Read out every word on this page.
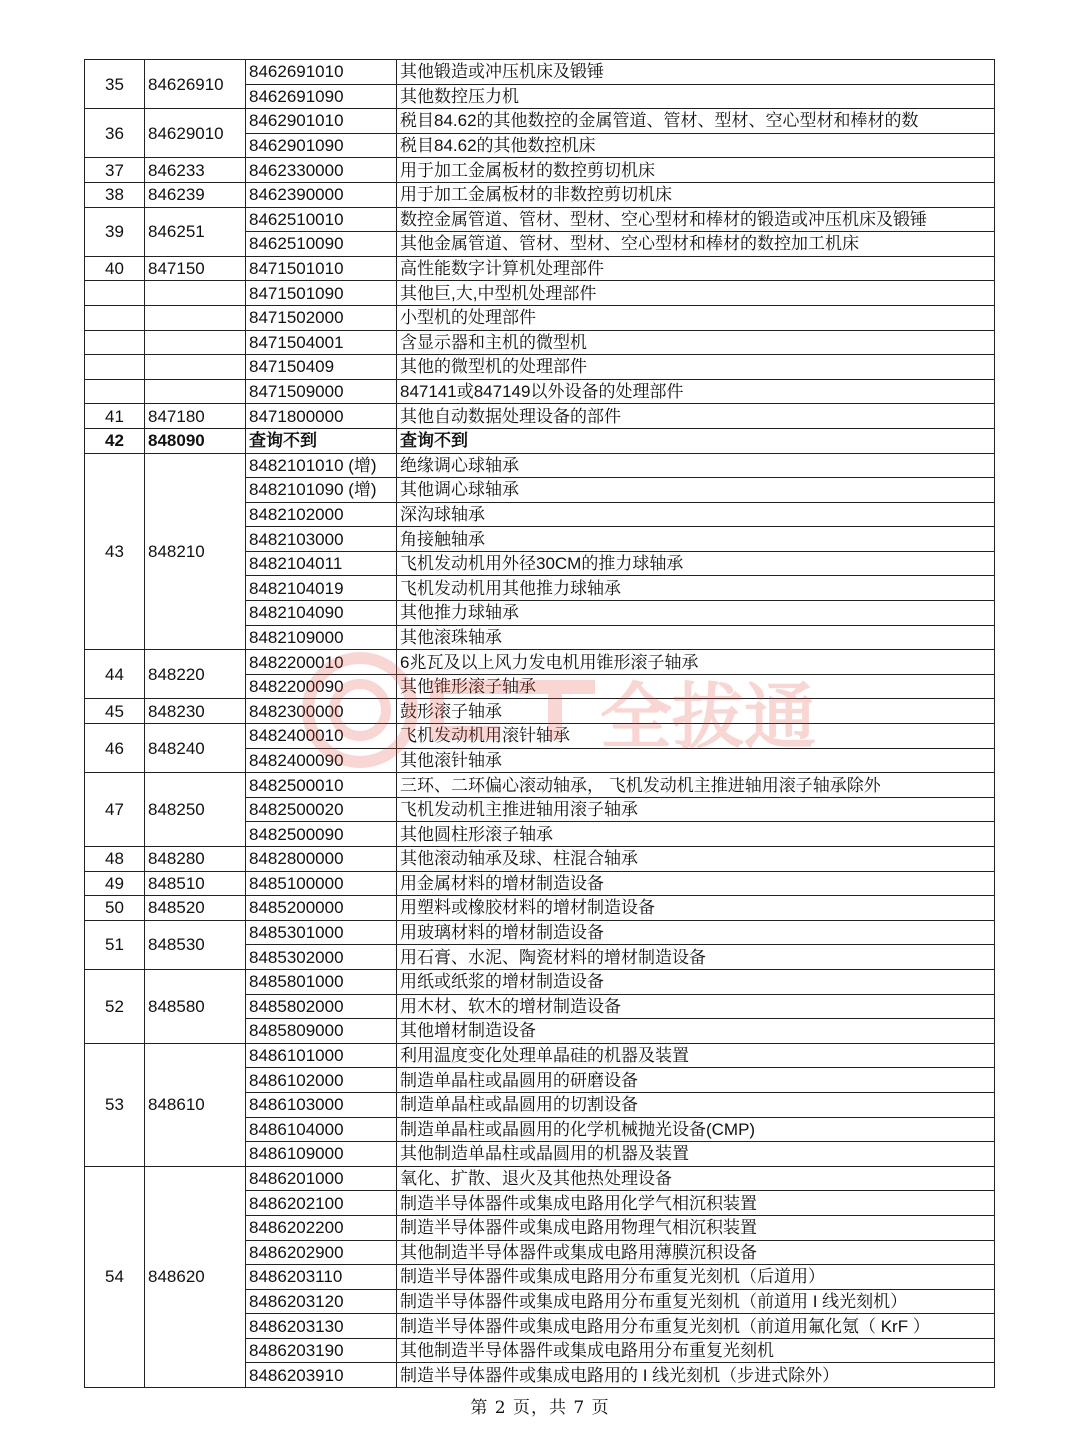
35	84626910	8462691010	其他锻造或冲压机床及锻锤
		8462691090	其他数控压力机
36	84629010	8462901010	税目84.62的其他数控的金属管道、管材、型材、空心型材和棒材的数
		8462901090	税目84.62的其他数控机床
37	846233	8462330000	用于加工金属板材的数控剪切机床
38	846239	8462390000	用于加工金属板材的非数控剪切机床
39	846251	8462510010	数控金属管道、管材、型材、空心型材和棒材的锻造或冲压机床及锻锤
		8462510090	其他金属管道、管材、型材、空心型材和棒材的数控加工机床
40	847150	8471501010	高性能数字计算机处理部件
		8471501090	其他巨,大,中型机处理部件
		8471502000	小型机的处理部件
		8471504001	含显示器和主机的微型机
		847150409	其他的微型机的处理部件
		8471509000	847141或847149以外设备的处理部件
41	847180	8471800000	其他自动数据处理设备的部件
42	848090	查询不到	查询不到
43	848210	8482101010 (增)	绝缘调心球轴承
		8482101090 (增)	其他调心球轴承
		8482102000	深沟球轴承
		8482103000	角接触轴承
		8482104011	飞机发动机用外径30CM的推力球轴承
		8482104019	飞机发动机用其他推力球轴承
		8482104090	其他推力球轴承
		8482109000	其他滚珠轴承
44	848220	8482200010	6兆瓦及以上风力发电机用锥形滚子轴承
		8482200090	其他锥形滚子轴承
45	848230	8482300000	鼓形滚子轴承
46	848240	8482400010	飞机发动机用滚针轴承
		8482400090	其他滚针轴承
47	848250	8482500010	三环、二环偏心滚动轴承， 飞机发动机主推进轴用滚子轴承除外
		8482500020	飞机发动机主推进轴用滚子轴承
		8482500090	其他圆柱形滚子轴承
48	848280	8482800000	其他滚动轴承及球、柱混合轴承
49	848510	8485100000	用金属材料的增材制造设备
50	848520	8485200000	用塑料或橡胶材料的增材制造设备
51	848530	8485301000	用玻璃材料的增材制造设备
		8485302000	用石膏、水泥、陶瓷材料的增材制造设备
52	848580	8485801000	用纸或纸浆的增材制造设备
		8485802000	用木材、软木的增材制造设备
		8485809000	其他增材制造设备
53	848610	8486101000	利用温度变化处理单晶硅的机器及装置
		8486102000	制造单晶柱或晶圆用的研磨设备
		8486103000	制造单晶柱或晶圆用的切割设备
		8486104000	制造单晶柱或晶圆用的化学机械抛光设备(CMP)
		8486109000	其他制造单晶柱或晶圆用的机器及装置
54	848620	8486201000	氧化、扩散、退火及其他热处理设备
		8486202100	制造半导体器件或集成电路用化学气相沉积装置
		8486202200	制造半导体器件或集成电路用物理气相沉积装置
		8486202900	其他制造半导体器件或集成电路用薄膜沉积设备
		8486203110	制造半导体器件或集成电路用分布重复光刻机（后道用）
		8486203120	制造半导体器件或集成电路用分布重复光刻机（前道用 I 线光刻机）
		8486203130	制造半导体器件或集成电路用分布重复光刻机（前道用氟化氪（ KrF ）
		8486203190	其他制造半导体器件或集成电路用分布重复光刻机
		8486203910	制造半导体器件或集成电路用的 I 线光刻机（步进式除外）
全拔通
第 2 页，共 7 页
